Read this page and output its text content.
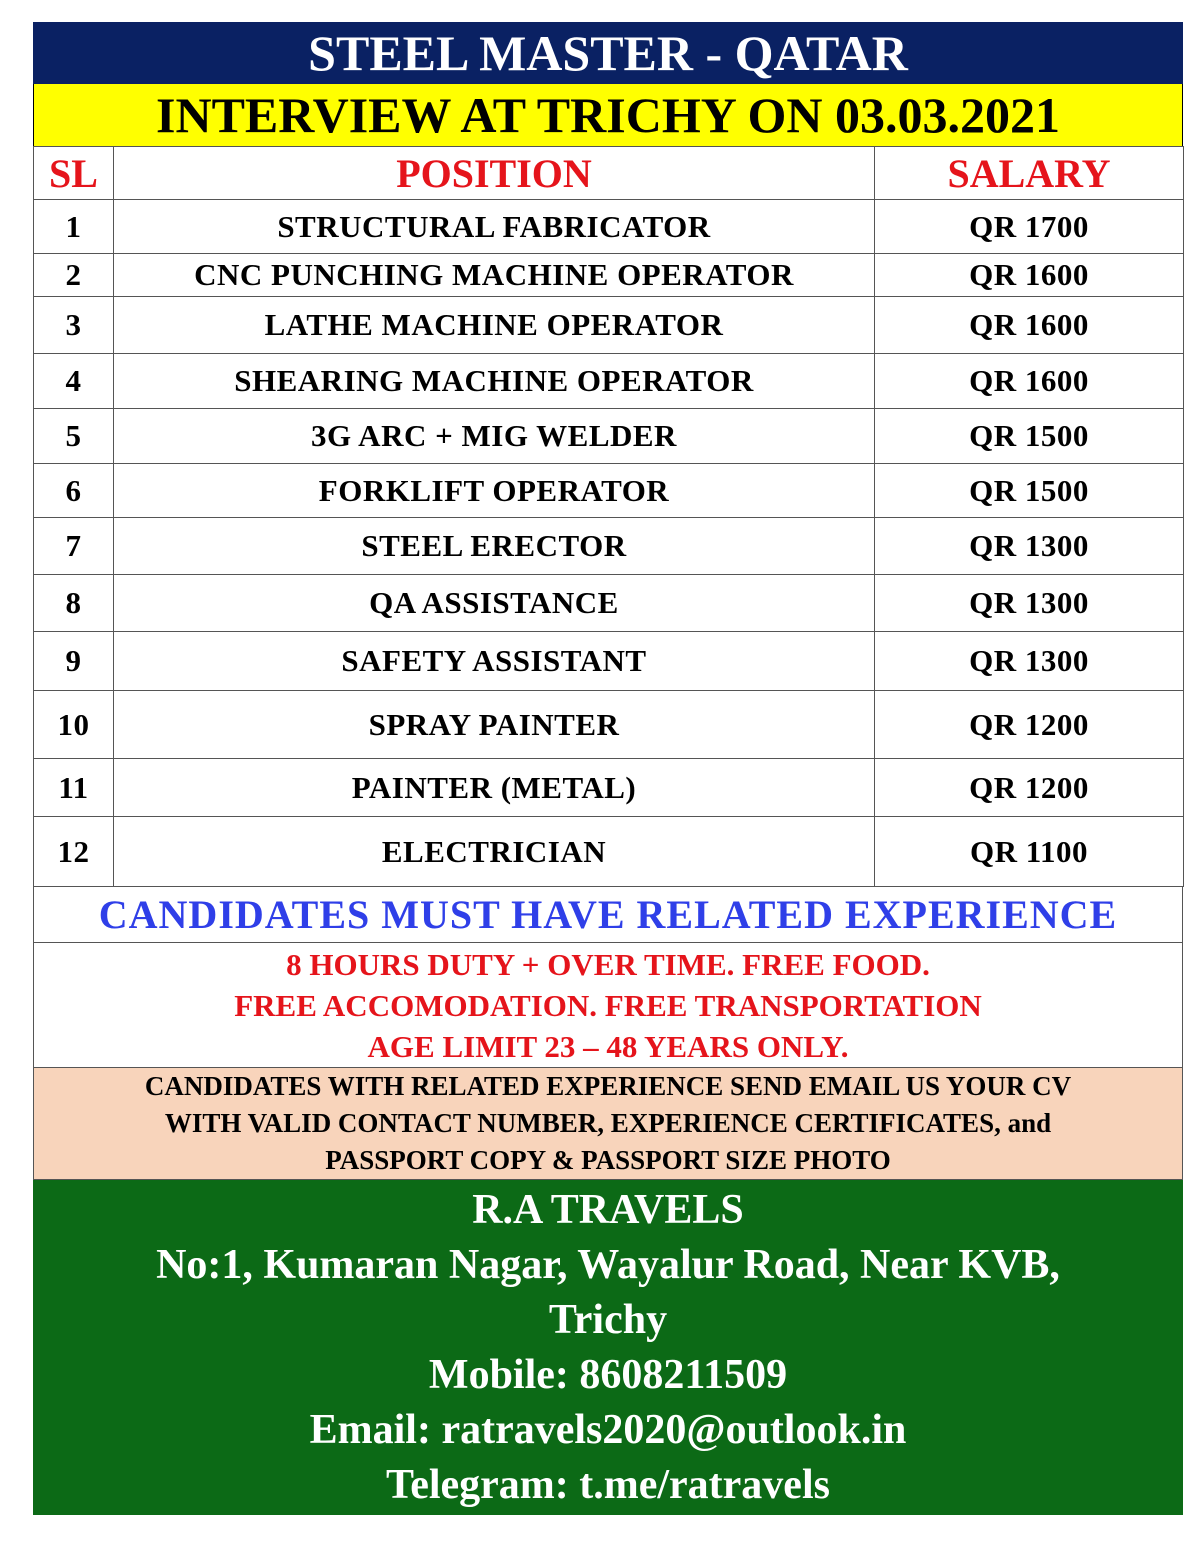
STEEL MASTER - QATAR
INTERVIEW AT TRICHY ON 03.03.2021
SL	POSITION	SALARY
1	STRUCTURAL FABRICATOR	QR 1700
2	CNC PUNCHING MACHINE OPERATOR	QR 1600
3	LATHE MACHINE OPERATOR	QR 1600
4	SHEARING MACHINE OPERATOR	QR 1600
5	3G ARC + MIG WELDER	QR 1500
6	FORKLIFT OPERATOR	QR 1500
7	STEEL ERECTOR	QR 1300
8	QA ASSISTANCE	QR 1300
9	SAFETY ASSISTANT	QR 1300
10	SPRAY PAINTER	QR 1200
11	PAINTER (METAL)	QR 1200
12	ELECTRICIAN	QR 1100
CANDIDATES MUST HAVE RELATED EXPERIENCE
8 HOURS DUTY + OVER TIME. FREE FOOD.
FREE ACCOMODATION. FREE TRANSPORTATION
AGE LIMIT 23 – 48 YEARS ONLY.
CANDIDATES WITH RELATED EXPERIENCE SEND EMAIL US YOUR CV
WITH VALID CONTACT NUMBER, EXPERIENCE CERTIFICATES, and
PASSPORT COPY & PASSPORT SIZE PHOTO
R.A TRAVELS
No:1, Kumaran Nagar, Wayalur Road, Near KVB,
Trichy
Mobile: 8608211509
Email: ratravels2020@outlook.in
Telegram: t.me/ratravels
